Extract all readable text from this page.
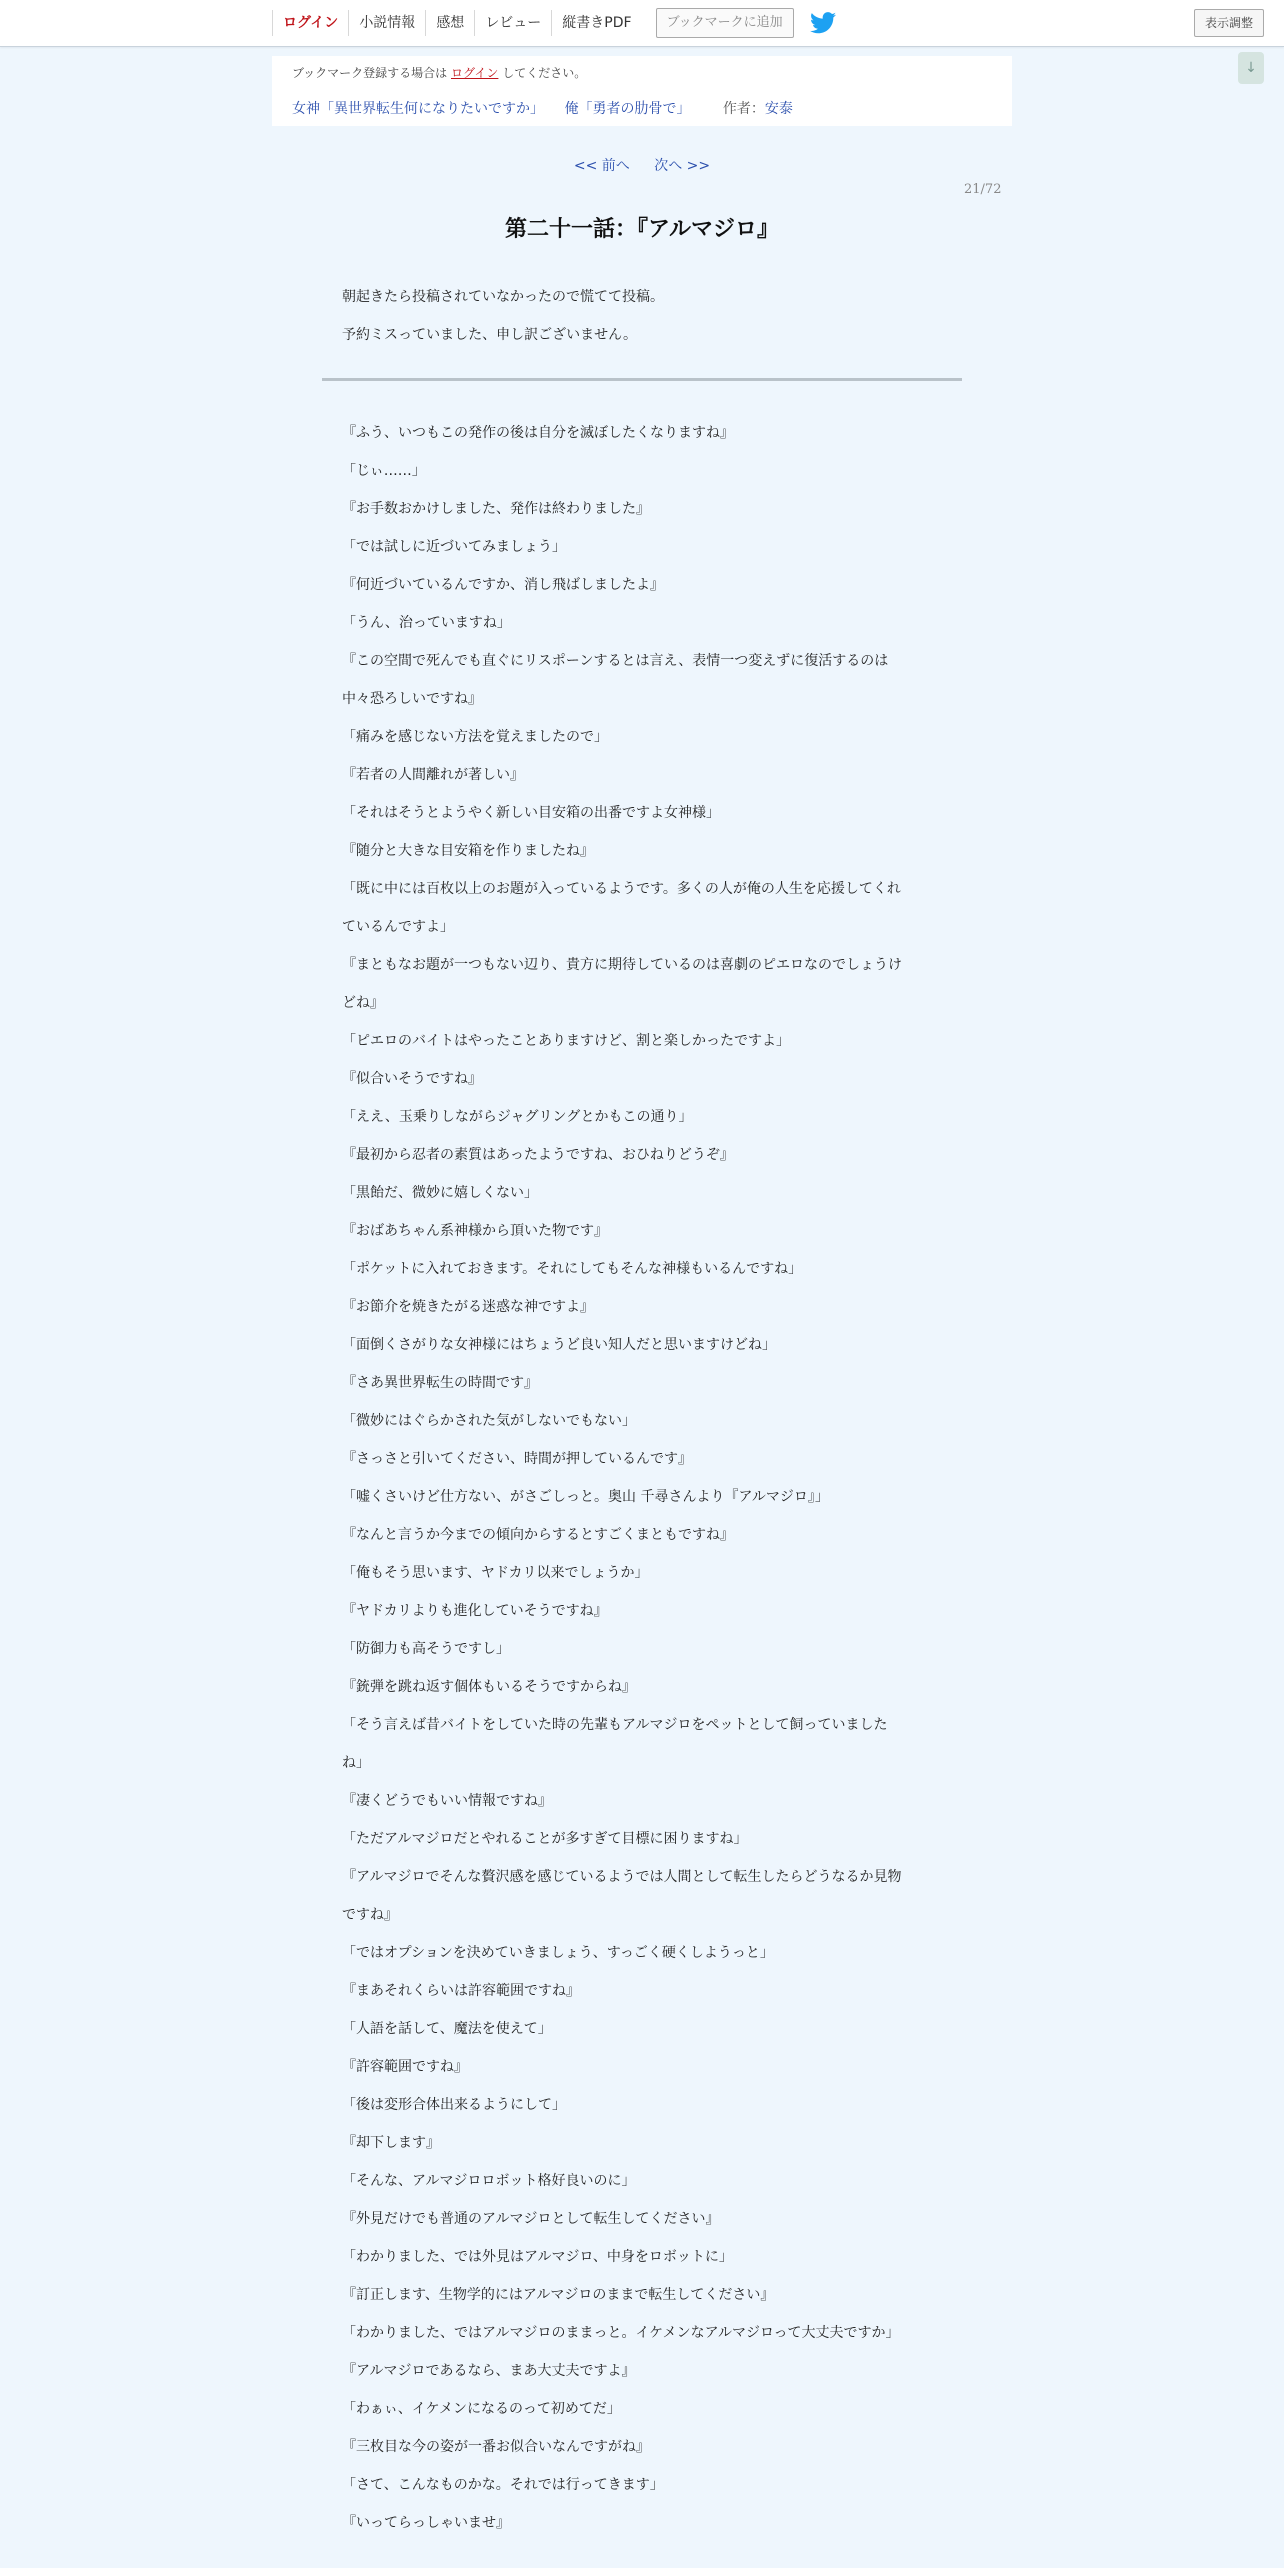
ログイン	小説情報	感想	レビュー	縦書きPDF	ブックマークに追加	表示調整
↓
ブックマーク登録する場合は ログイン してください。
女神「異世界転生何になりたいですか」 俺「勇者の肋骨で」 作者：安泰
<< 前へ 次へ >>
21/72
第二十一話：『アルマジロ』

朝起きたら投稿されていなかったので慌てて投稿。

予約ミスっていました、申し訳ございません。

『ふう、いつもこの発作の後は自分を滅ぼしたくなりますね』

「じぃ……」

『お手数おかけしました、発作は終わりました』

「では試しに近づいてみましょう」

『何近づいているんですか、消し飛ばしましたよ』

「うん、治っていますね」

『この空間で死んでも直ぐにリスポーンするとは言え、表情一つ変えずに復活するのは

中々恐ろしいですね』

「痛みを感じない方法を覚えましたので」

『若者の人間離れが著しい』

「それはそうとようやく新しい目安箱の出番ですよ女神様」

『随分と大きな目安箱を作りましたね』

「既に中には百枚以上のお題が入っているようです。多くの人が俺の人生を応援してくれ

ているんですよ」

『まともなお題が一つもない辺り、貴方に期待しているのは喜劇のピエロなのでしょうけ

どね』

「ピエロのバイトはやったことありますけど、割と楽しかったですよ」

『似合いそうですね』

「ええ、玉乗りしながらジャグリングとかもこの通り」

『最初から忍者の素質はあったようですね、おひねりどうぞ』

「黒飴だ、微妙に嬉しくない」

『おばあちゃん系神様から頂いた物です』

「ポケットに入れておきます。それにしてもそんな神様もいるんですね」

『お節介を焼きたがる迷惑な神ですよ』

「面倒くさがりな女神様にはちょうど良い知人だと思いますけどね」

『さあ異世界転生の時間です』

「微妙にはぐらかされた気がしないでもない」

『さっさと引いてください、時間が押しているんです』

「嘘くさいけど仕方ない、がさごしっと。奥山 千尋さんより『アルマジロ』」

『なんと言うか今までの傾向からするとすごくまともですね』

「俺もそう思います、ヤドカリ以来でしょうか」

『ヤドカリよりも進化していそうですね』

「防御力も高そうですし」

『銃弾を跳ね返す個体もいるそうですからね』

「そう言えば昔バイトをしていた時の先輩もアルマジロをペットとして飼っていました

ね」

『凄くどうでもいい情報ですね』

「ただアルマジロだとやれることが多すぎて目標に困りますね」

『アルマジロでそんな贅沢感を感じているようでは人間として転生したらどうなるか見物

ですね』

「ではオプションを決めていきましょう、すっごく硬くしようっと」

『まあそれくらいは許容範囲ですね』

「人語を話して、魔法を使えて」

『許容範囲ですね』

「後は変形合体出来るようにして」

『却下します』

「そんな、アルマジロロボット格好良いのに」

『外見だけでも普通のアルマジロとして転生してください』

「わかりました、では外見はアルマジロ、中身をロボットに」

『訂正します、生物学的にはアルマジロのままで転生してください』

「わかりました、ではアルマジロのままっと。イケメンなアルマジロって大丈夫ですか」

『アルマジロであるなら、まあ大丈夫ですよ』

「わぁぃ、イケメンになるのって初めてだ」

『三枚目な今の姿が一番お似合いなんですがね』

「さて、こんなものかな。それでは行ってきます」

『いってらっしゃいませ』
